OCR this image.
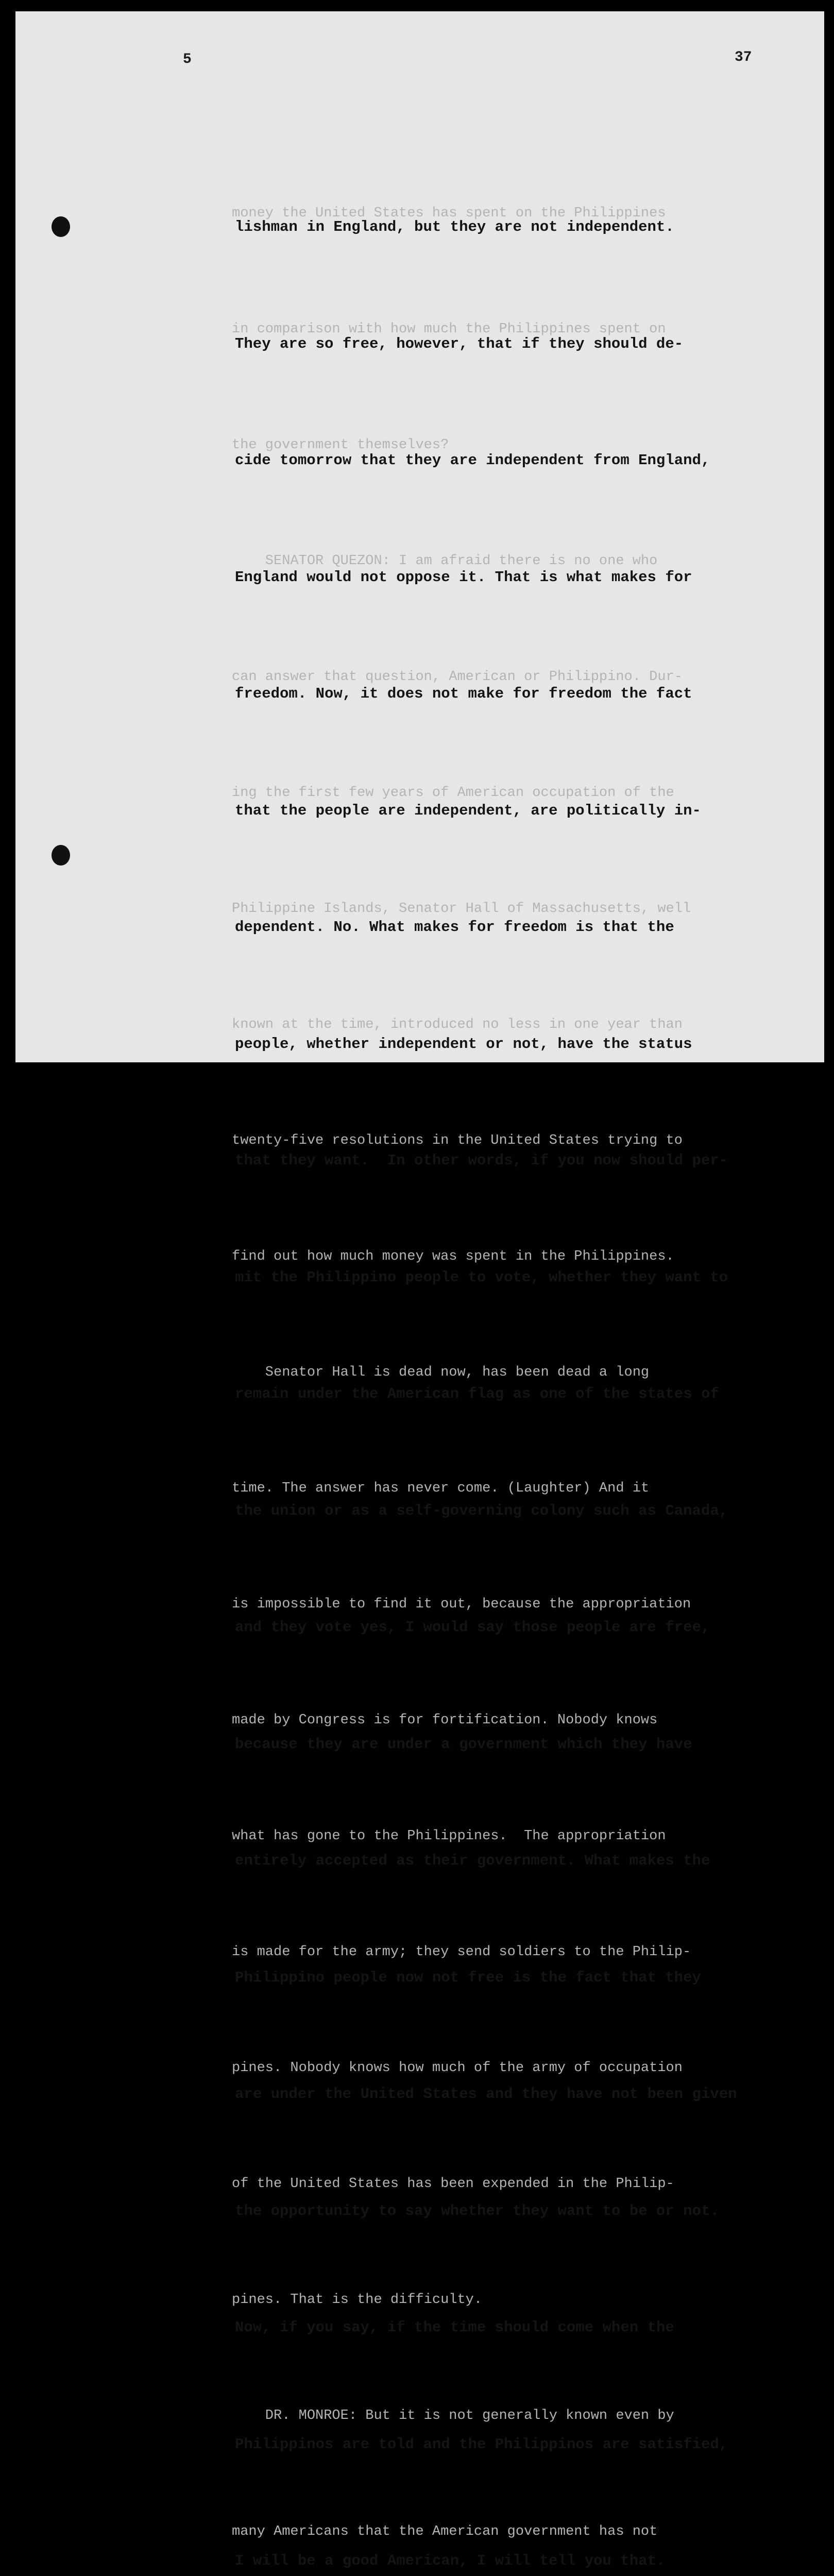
5	37

money the United States has spent on the Philippines

in comparison with how much the Philippines spent on

the government themselves?

SENATOR QUEZON: I am afraid there is no one who

can answer that question, American or Philippino. Dur-

ing the first few years of American occupation of the

Philippine Islands, Senator Hall of Massachusetts, well

known at the time, introduced no less in one year than

twenty-five resolutions in the United States trying to

find out how much money was spent in the Philippines.

Senator Hall is dead now, has been dead a long

time. The answer has never come. (Laughter) And it

is impossible to find it out, because the appropriation

made by Congress is for fortification. Nobody knows

what has gone to the Philippines.  The appropriation

is made for the army; they send soldiers to the Philip-

pines. Nobody knows how much of the army of occupation

of the United States has been expended in the Philip-

pines. That is the difficulty.

DR. MONROE: But it is not generally known even by

many Americans that the American government has not

lishman in England, but they are not independent.

They are so free, however, that if they should de-

cide tomorrow that they are independent from England,

England would not oppose it. That is what makes for

freedom. Now, it does not make for freedom the fact

that the people are independent, are politically in-

dependent. No. What makes for freedom is that the

people, whether independent or not, have the status

that they want.  In other words, if you now should per-

mit the Philippino people to vote, whether they want to

remain under the American flag as one of the states of

the union or as a self-governing colony such as Canada,

and they vote yes, I would say those people are free,

because they are under a government which they have

entirely accepted as their government. What makes the

Philippino people now not free is the fact that they

are under the United States and they have not been given

the opportunity to say whether they want to be or not.

Now, if you say, if the time should come when the

Philippinos are told and the Philippinos are satisfied,

I will be a good American, I will tell you that.
